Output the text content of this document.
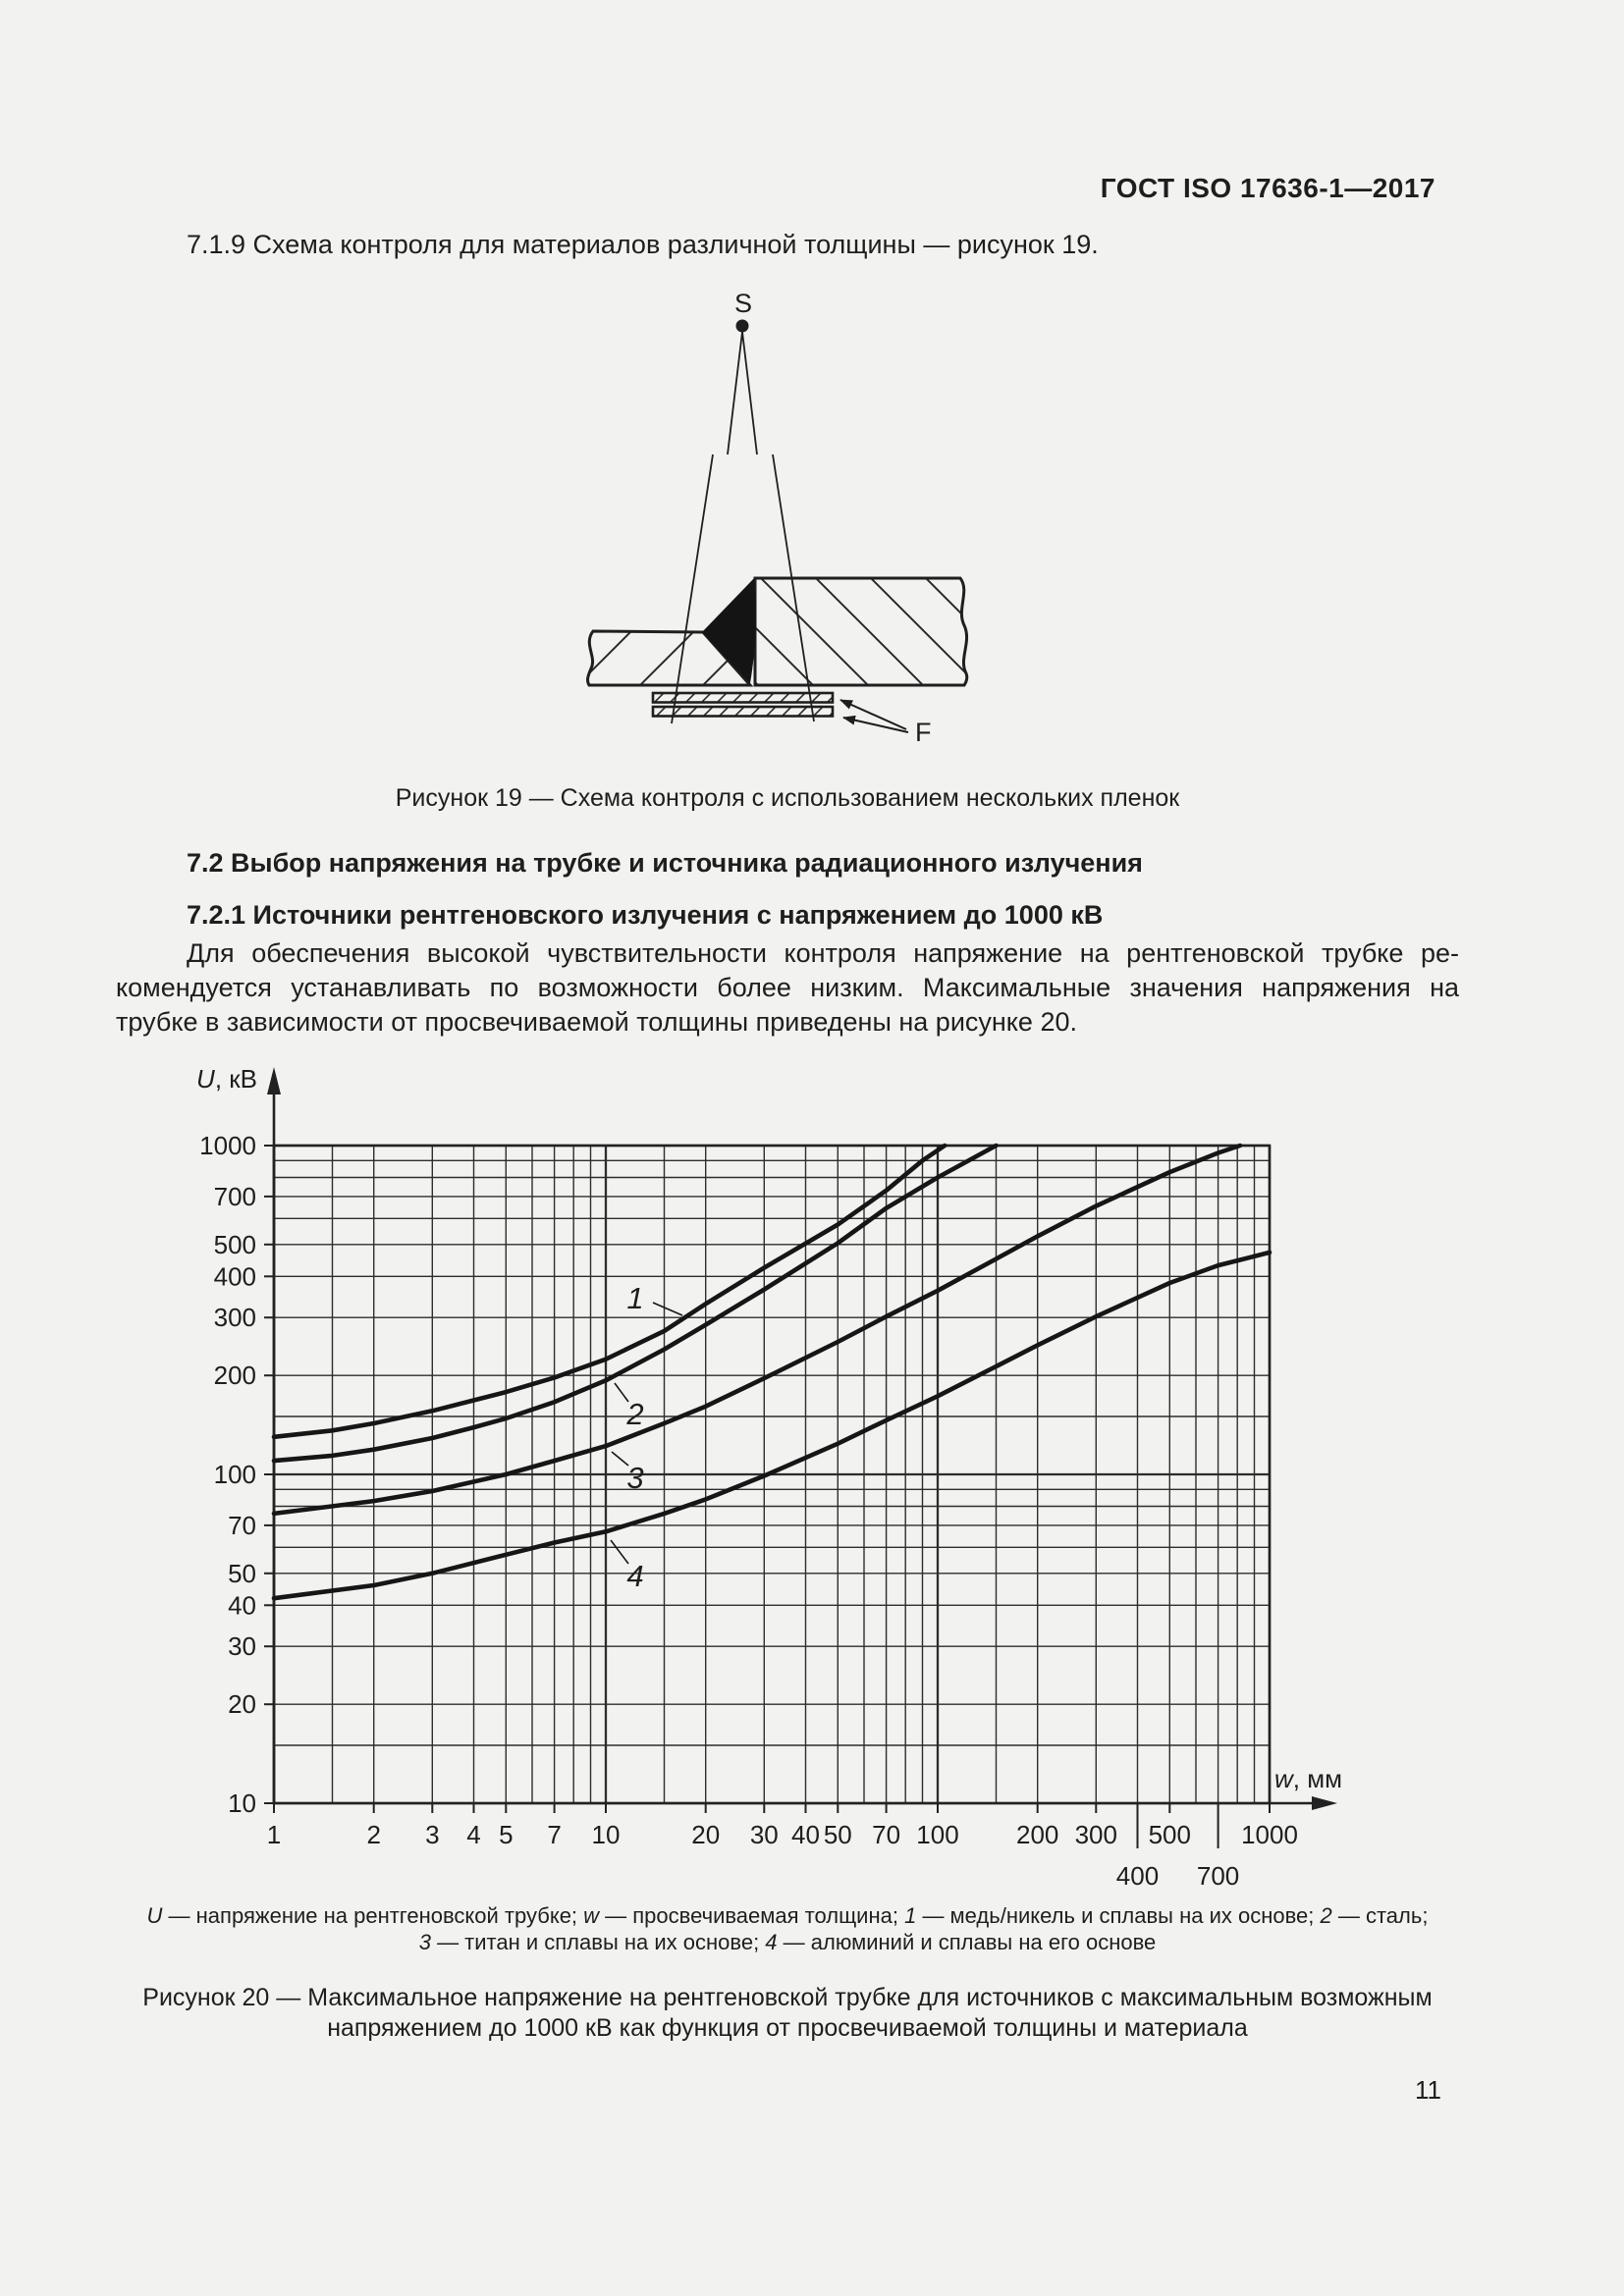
ГОСТ ISO 17636-1—2017
7.1.9 Схема контроля для материалов различной толщины — рисунок 19.
S
F
Рисунок 19 — Схема контроля с использованием нескольких пленок
7.2 Выбор напряжения на трубке и источника радиационного излучения
7.2.1 Источники рентгеновского излучения с напряжением до 1000 кВ
Для обеспечения высокой чувствительности контроля напряжение на рентгеновской трубке ре-
комендуется устанавливать по возможности более низким. Максимальные значения напряжения на
трубке в зависимости от просвечиваемой толщины приведены на рисунке 20.
10
20
30
40
50
70
100
200
300
400
500
700
1000
1	2 3 4 5 7 10	20 30 40 50 70 100 200 300 500 1000
400 700
U, кВ
w, мм
1
2
3
4
U — напряжение на рентгеновской трубке; w — просвечиваемая толщина; 1 — медь/никель и сплавы на их основе; 2 — сталь;
3 — титан и сплавы на их основе; 4 — алюминий и сплавы на его основе
Рисунок 20 — Максимальное напряжение на рентгеновской трубке для источников с максимальным возможным
напряжением до 1000 кВ как функция от просвечиваемой толщины и материала
11
